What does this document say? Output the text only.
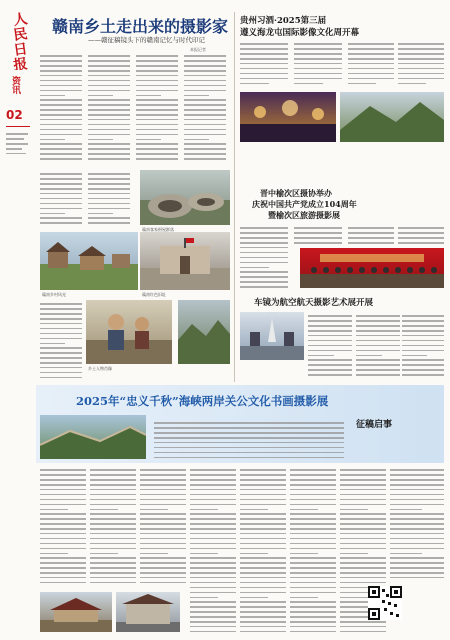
人
民
日
报
资讯
02
赣南乡土走出来的摄影家
——赣征稿镜头下的赣南记忆与时代印记
本报记者
赣南客家围屋群落
赣南乡村风光	赣南红色旧址
乡土人物肖像
贵州习酒·2025第三届
遵义海龙屯国际影像文化周开幕
晋中榆次区摄协举办
庆祝中国共产党成立104周年
暨榆次区旅游摄影展
车镜为航空航天摄影艺术展开展
2025年“忠义千秋”海峡两岸关公文化书画摄影展
征稿启事
